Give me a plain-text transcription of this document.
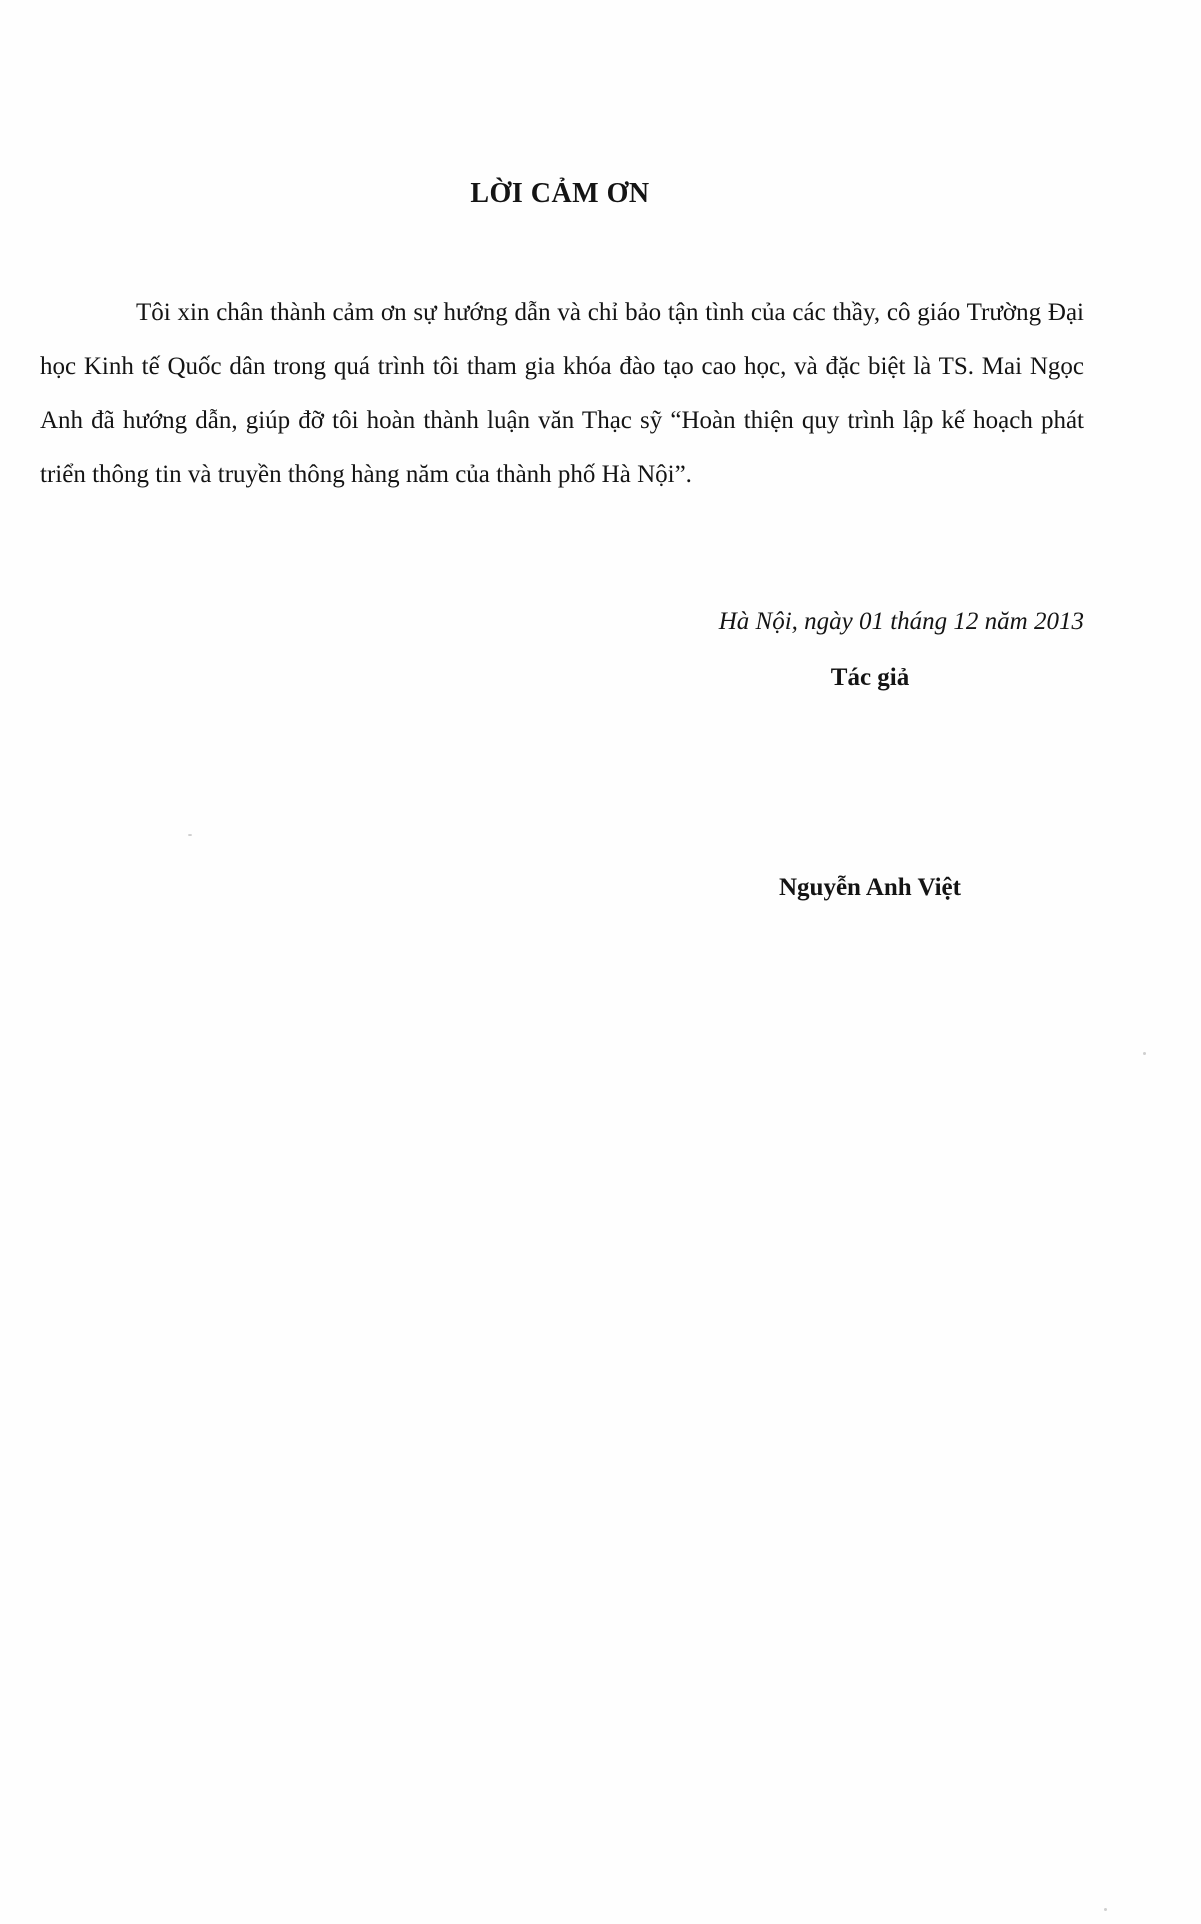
LỜI CẢM ƠN

Tôi xin chân thành cảm ơn sự hướng dẫn và chỉ bảo tận tình của các thầy, cô giáo Trường Đại học Kinh tế Quốc dân trong quá trình tôi tham gia khóa đào tạo cao học, và đặc biệt là TS. Mai Ngọc Anh đã hướng dẫn, giúp đỡ tôi hoàn thành luận văn Thạc sỹ “Hoàn thiện quy trình lập kế hoạch phát triển thông tin và truyền thông hàng năm của thành phố Hà Nội”.

Hà Nội, ngày 01 tháng 12 năm 2013

Tác giả

Nguyễn Anh Việt
